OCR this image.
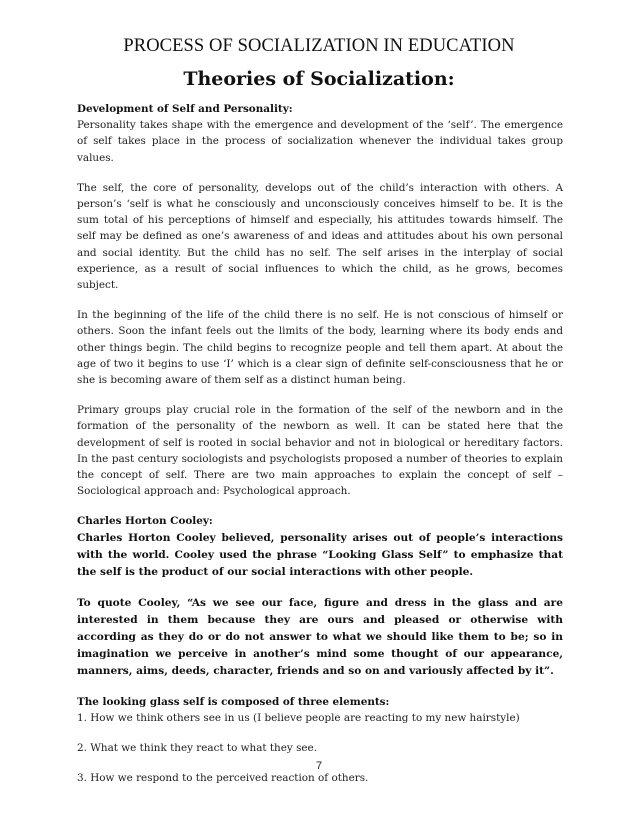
PROCESS OF SOCIALIZATION IN EDUCATION
Theories of Socialization:

Development of Self and Personality:

Personality takes shape with the emergence and development of the ‘self’. The emergence of self takes place in the process of socialization whenever the individual takes group values.

The self, the core of personality, develops out of the child’s interaction with others. A person’s ‘self is what he consciously and unconsciously conceives himself to be. It is the sum total of his perceptions of himself and especially, his attitudes towards himself. The self may be defined as one’s awareness of and ideas and attitudes about his own personal and social identity. But the child has no self. The self arises in the interplay of social experience, as a result of social influences to which the child, as he grows, becomes subject.

In the beginning of the life of the child there is no self. He is not conscious of himself or others. Soon the infant feels out the limits of the body, learning where its body ends and other things begin. The child begins to recognize people and tell them apart. At about the age of two it begins to use ‘I’ which is a clear sign of definite self-consciousness that he or she is becoming aware of them self as a distinct human being.

Primary groups play crucial role in the formation of the self of the newborn and in the formation of the personality of the newborn as well. It can be stated here that the development of self is rooted in social behavior and not in biological or hereditary factors. In the past century sociologists and psychologists proposed a number of theories to explain the concept of self. There are two main approaches to explain the concept of self – Sociological approach and: Psychological approach.

Charles Horton Cooley:

Charles Horton Cooley believed, personality arises out of people’s interactions with the world. Cooley used the phrase “Looking Glass Self” to emphasize that the self is the product of our social interactions with other people.

To quote Cooley, “As we see our face, figure and dress in the glass and are interested in them because they are ours and pleased or otherwise with according as they do or do not answer to what we should like them to be; so in imagination we perceive in another’s mind some thought of our appearance, manners, aims, deeds, character, friends and so on and variously affected by it”.

The looking glass self is composed of three elements:

1. How we think others see in us (I believe people are reacting to my new hairstyle)

2. What we think they react to what they see.

3. How we respond to the perceived reaction of others.

7
